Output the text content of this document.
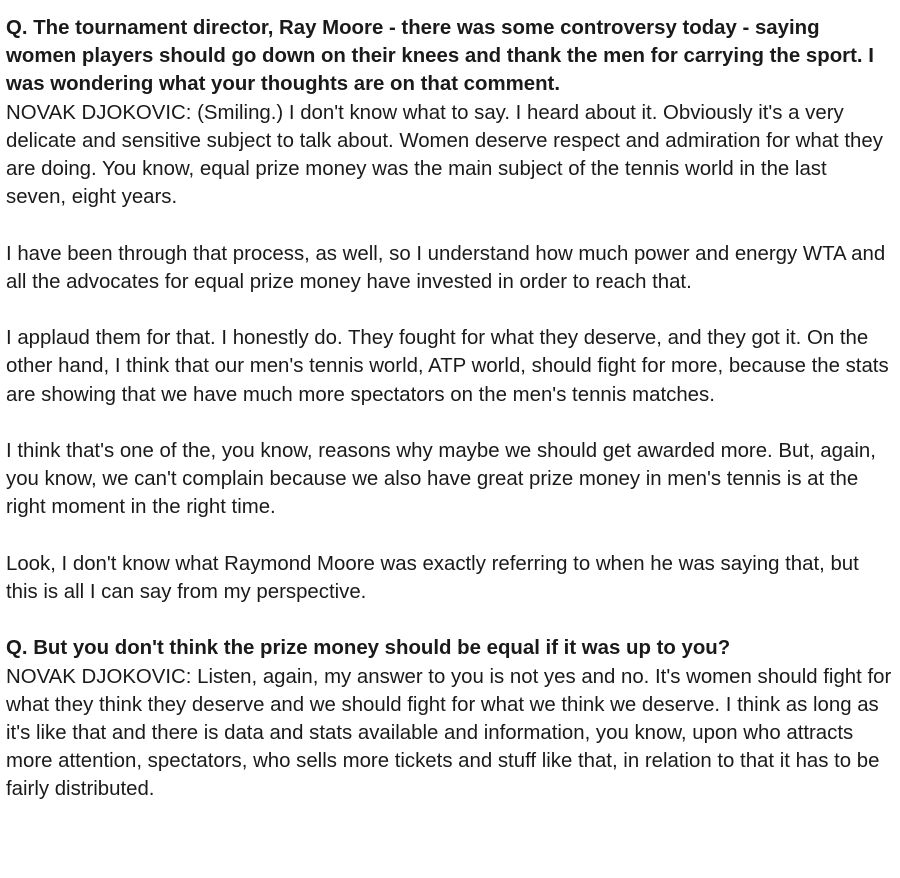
Q. The tournament director, Ray Moore - there was some controversy today - saying women players should go down on their knees and thank the men for carrying the sport. I was wondering what your thoughts are on that comment.

NOVAK DJOKOVIC: (Smiling.) I don't know what to say. I heard about it. Obviously it's a very delicate and sensitive subject to talk about. Women deserve respect and admiration for what they are doing. You know, equal prize money was the main subject of the tennis world in the last seven, eight years.

I have been through that process, as well, so I understand how much power and energy WTA and all the advocates for equal prize money have invested in order to reach that.

I applaud them for that. I honestly do. They fought for what they deserve, and they got it. On the other hand, I think that our men's tennis world, ATP world, should fight for more, because the stats are showing that we have much more spectators on the men's tennis matches.

I think that's one of the, you know, reasons why maybe we should get awarded more. But, again, you know, we can't complain because we also have great prize money in men's tennis is at the right moment in the right time.

Look, I don't know what Raymond Moore was exactly referring to when he was saying that, but this is all I can say from my perspective.

Q. But you don't think the prize money should be equal if it was up to you?

NOVAK DJOKOVIC: Listen, again, my answer to you is not yes and no. It's women should fight for what they think they deserve and we should fight for what we think we deserve. I think as long as it's like that and there is data and stats available and information, you know, upon who attracts more attention, spectators, who sells more tickets and stuff like that, in relation to that it has to be fairly distributed.
